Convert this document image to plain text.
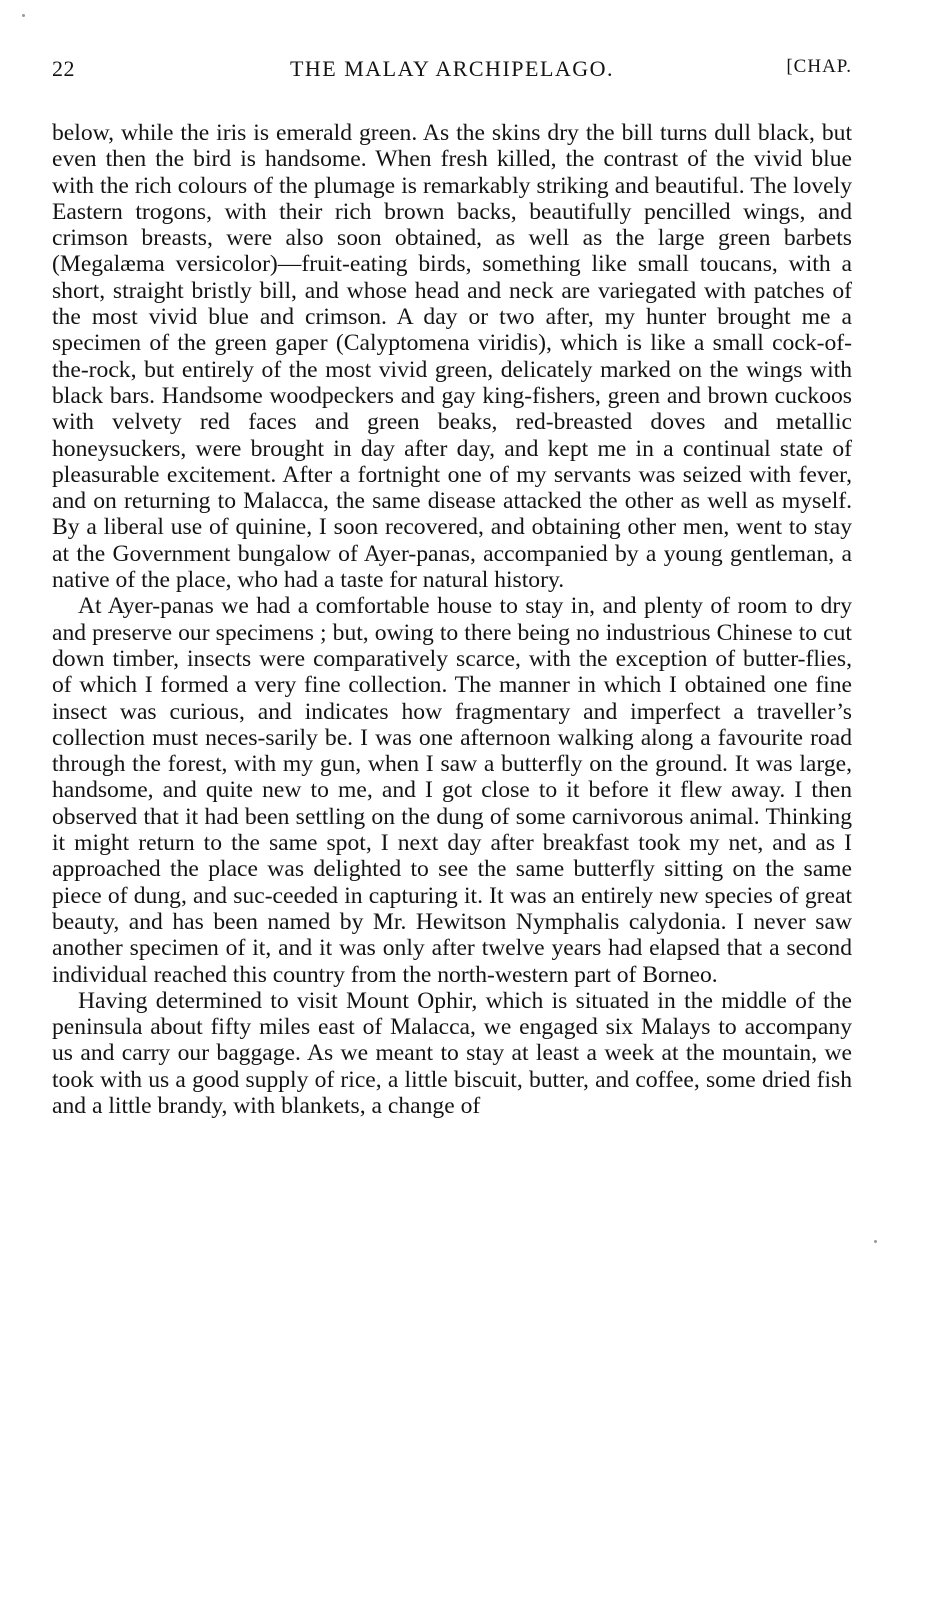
22	THE MALAY ARCHIPELAGO.	[CHAP.

below, while the iris is emerald green. As the skins dry the bill turns dull black, but even then the bird is handsome. When fresh killed, the contrast of the vivid blue with the rich colours of the plumage is remarkably striking and beautiful. The lovely Eastern trogons, with their rich brown backs, beautifully pencilled wings, and crimson breasts, were also soon obtained, as well as the large green barbets (Megalæma versicolor)—fruit-eating birds, something like small toucans, with a short, straight bristly bill, and whose head and neck are variegated with patches of the most vivid blue and crimson. A day or two after, my hunter brought me a specimen of the green gaper (Calyptomena viridis), which is like a small cock-of-the-rock, but entirely of the most vivid green, delicately marked on the wings with black bars. Handsome woodpeckers and gay king-fishers, green and brown cuckoos with velvety red faces and green beaks, red-breasted doves and metallic honeysuckers, were brought in day after day, and kept me in a continual state of pleasurable excitement. After a fortnight one of my servants was seized with fever, and on returning to Malacca, the same disease attacked the other as well as myself. By a liberal use of quinine, I soon recovered, and obtaining other men, went to stay at the Government bungalow of Ayer-panas, accompanied by a young gentleman, a native of the place, who had a taste for natural history.

At Ayer-panas we had a comfortable house to stay in, and plenty of room to dry and preserve our specimens ; but, owing to there being no industrious Chinese to cut down timber, insects were comparatively scarce, with the exception of butter-flies, of which I formed a very fine collection. The manner in which I obtained one fine insect was curious, and indicates how fragmentary and imperfect a traveller’s collection must neces-sarily be. I was one afternoon walking along a favourite road through the forest, with my gun, when I saw a butterfly on the ground. It was large, handsome, and quite new to me, and I got close to it before it flew away. I then observed that it had been settling on the dung of some carnivorous animal. Thinking it might return to the same spot, I next day after breakfast took my net, and as I approached the place was delighted to see the same butterfly sitting on the same piece of dung, and suc-ceeded in capturing it. It was an entirely new species of great beauty, and has been named by Mr. Hewitson Nymphalis calydonia. I never saw another specimen of it, and it was only after twelve years had elapsed that a second individual reached this country from the north-western part of Borneo.

Having determined to visit Mount Ophir, which is situated in the middle of the peninsula about fifty miles east of Malacca, we engaged six Malays to accompany us and carry our baggage. As we meant to stay at least a week at the mountain, we took with us a good supply of rice, a little biscuit, butter, and coffee, some dried fish and a little brandy, with blankets, a change of
